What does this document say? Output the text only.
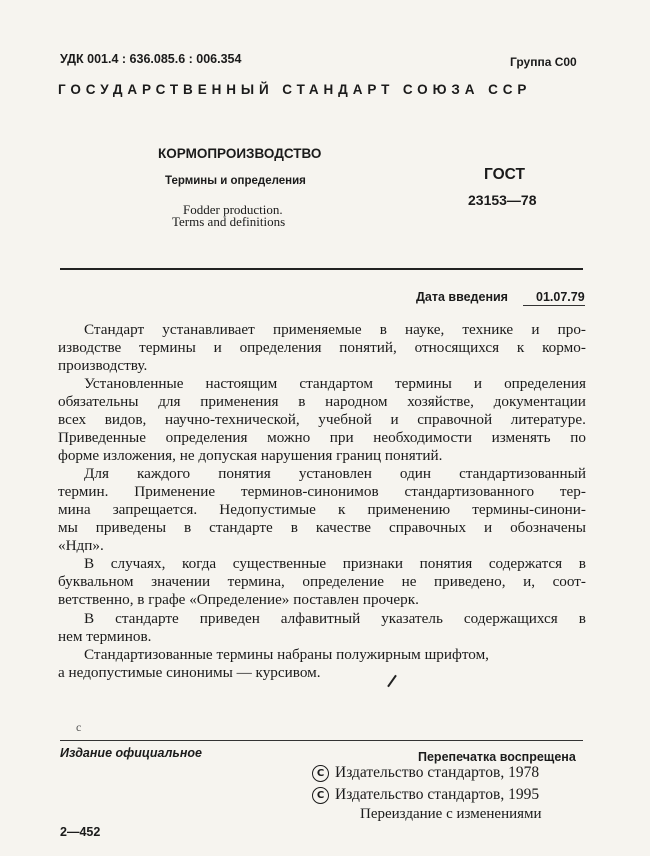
УДК 001.4 : 636.085.6 : 006.354	Группа С00
ГОСУДАРСТВЕННЫЙ СТАНДАРТ СОЮЗА ССР
КОРМОПРОИЗВОДСТВО
Термины и определения
Fodder production.
Terms and definitions
ГОСТ
23153—78
Дата введения 01.07.79

Стандарт устанавливает применяемые в науке, технике и про-
изводстве термины и определения понятий, относящихся к кормо-
производству.

Установленные настоящим стандартом термины и определения
обязательны для применения в народном хозяйстве, документации
всех видов, научно-технической, учебной и справочной литературе.
Приведенные определения можно при необходимости изменять по
форме изложения, не допуская нарушения границ понятий.

Для каждого понятия установлен один стандартизованный
термин. Применение терминов-синонимов стандартизованного тер-
мина запрещается. Недопустимые к применению термины-синони-
мы приведены в стандарте в качестве справочных и обозначены
«Ндп».

В случаях, когда существенные признаки понятия содержатся в
буквальном значении термина, определение не приведено, и, соот-
ветственно, в графе «Определение» поставлен прочерк.

В стандарте приведен алфавитный указатель содержащихся в
нем терминов.

Стандартизованные термины набраны полужирным шрифтом,
а недопустимые синонимы — курсивом.

с
Издание официальное	Перепечатка воспрещена
C Издательство стандартов, 1978
C Издательство стандартов, 1995
Переиздание с изменениями
2—452
